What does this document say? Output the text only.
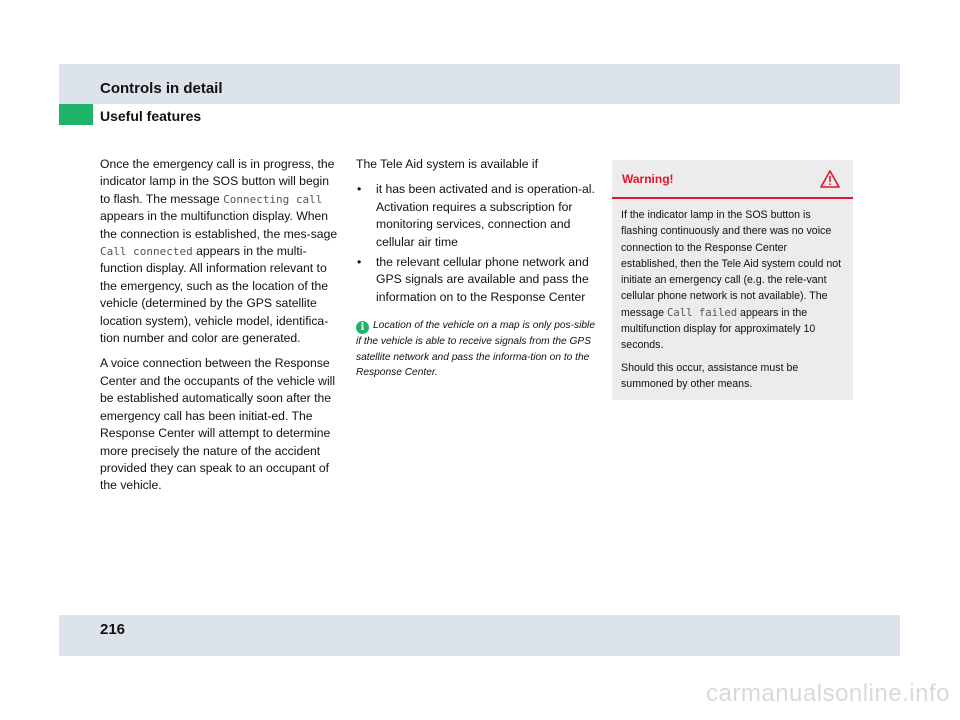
Controls in detail
Useful features

Once the emergency call is in progress, the indicator lamp in the SOS button will begin to flash. The message Connecting call appears in the multifunction display. When the connection is established, the mes-sage Call connected appears in the multi-function display. All information relevant to the emergency, such as the location of the vehicle (determined by the GPS satellite location system), vehicle model, identifica-tion number and color are generated.

A voice connection between the Response Center and the occupants of the vehicle will be established automatically soon after the emergency call has been initiat-ed. The Response Center will attempt to determine more precisely the nature of the accident provided they can speak to an occupant of the vehicle.

The Tele Aid system is available if

• it has been activated and is operation-al. Activation requires a subscription for monitoring services, connection and cellular air time
• the relevant cellular phone network and GPS signals are available and pass the information on to the Response Center
i Location of the vehicle on a map is only pos-sible if the vehicle is able to receive signals from the GPS satellite network and pass the informa-tion on to the Response Center.
Warning!

If the indicator lamp in the SOS button is flashing continuously and there was no voice connection to the Response Center established, then the Tele Aid system could not initiate an emergency call (e.g. the rele-vant cellular phone network is not available). The message Call failed appears in the multifunction display for approximately 10 seconds.

Should this occur, assistance must be summoned by other means.

216
carmanualsonline.info
